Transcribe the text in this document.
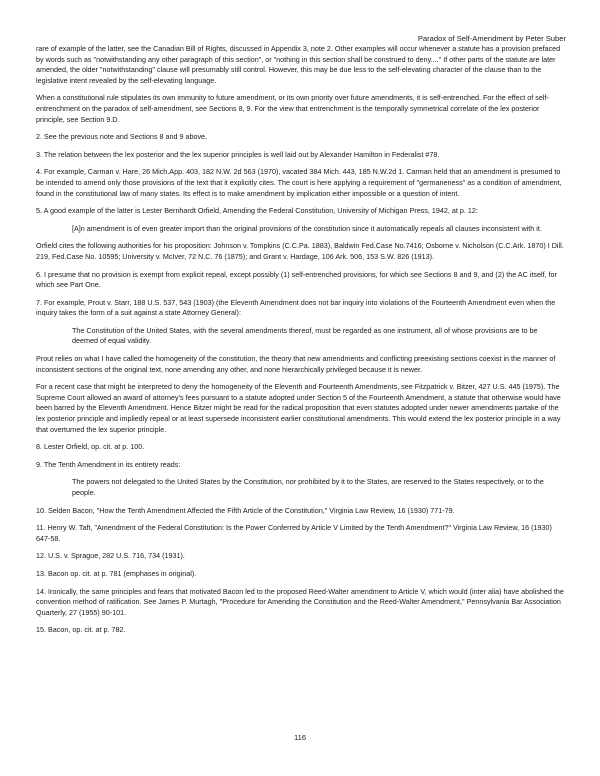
Paradox of Self-Amendment by Peter Suber

rare of example of the latter, see the Canadian Bill of Rights, discussed in Appendix 3, note 2. Other examples will occur whenever a statute has a provision prefaced by words such as "notwithstanding any other paragraph of this section", or "nothing in this section shall be construed to deny...." If other parts of the statute are later amended, the older "notwithstanding" clause will presumably still control. However, this may be due less to the self-elevating character of the clause than to the legislative intent revealed by the self-elevating language.

When a constitutional rule stipulates its own immunity to future amendment, or its own priority over future amendments, it is self-entrenched. For the effect of self-entrenchment on the paradox of self-amendment, see Sections 8, 9. For the view that entrenchment is the temporally symmetrical correlate of the lex posterior principle, see Section 9.D.

2. See the previous note and Sections 8 and 9 above.

3. The relation between the lex posterior and the lex superior principles is well laid out by Alexander Hamilton in Federalist #78.

4. For example, Carman v. Hare, 26 Mich.App. 403, 182 N.W. 2d 563 (1970), vacated 384 Mich. 443, 185 N.W.2d 1. Carman held that an amendment is presumed to be intended to amend only those provisions of the text that it explicitly cites. The court is here applying a requirement of "germaneness" as a condition of amendment, found in the constitutional law of many states. Its effect is to make amendment by implication either impossible or a question of intent.

5. A good example of the latter is Lester Bernhardt Orfield, Amending the Federal Constitution, University of Michigan Press, 1942, at p. 12:

[A]n amendment is of even greater import than the original provisions of the constitution since it automatically repeals all clauses inconsistent with it.

Orfield cites the following authorities for his proposition: Johnson v. Tompkins (C.C.Pa. 1883), Baldwin Fed.Case No.7416; Osborne v. Nicholson (C.C.Ark. 1870) I Dill. 219, Fed.Case No. 10595; University v. McIver, 72 N.C. 76 (1875); and Grant v. Hardage, 106 Ark. 506, 153 S.W. 826 (1913).

6. I presume that no provision is exempt from explicit repeal, except possibly (1) self-entrenched provisions, for which see Sections 8 and 9, and (2) the AC itself, for which see Part One.

7. For example, Prout v. Starr, 188 U.S. 537, 543 (1903) (the Eleventh Amendment does not bar inquiry into violations of the Fourteenth Amendment even when the inquiry takes the form of a suit against a state Attorney General):

The Constitution of the United States, with the several amendments thereof, must be regarded as one instrument, all of whose provisions are to be deemed of equal validity.

Prout relies on what I have called the homogeneity of the constitution, the theory that new amendments and conflicting preexisting sections coexist in the manner of inconsistent sections of the original text, none amending any other, and none hierarchically privileged because it is newer.

For a recent case that might be interpreted to deny the homogeneity of the Eleventh and Fourteenth Amendments, see Fitzpatrick v. Bitzer, 427 U.S. 445 (1975). The Supreme Court allowed an award of attorney's fees pursuant to a statute adopted under Section 5 of the Fourteenth Amendment, a statute that otherwise would have been barred by the Eleventh Amendment. Hence Bitzer might be read for the radical proposition that even statutes adopted under newer amendments partake of the lex posterior principle and impliedly repeal or at least supersede inconsistent earlier constitutional amendments. This would extend the lex posterior principle in a way that overturned the lex superior principle.

8. Lester Orfield, op. cit. at p. 100.

9. The Tenth Amendment in its entirety reads:

The powers not delegated to the United States by the Constitution, nor prohibited by it to the States, are reserved to the States respectively, or to the people.

10. Selden Bacon, "How the Tenth Amendment Affected the Fifth Article of the Constitution," Virginia Law Review, 16 (1930) 771-79.

11. Henry W. Taft, "Amendment of the Federal Constitution: Is the Power Conferred by Article V Limited by the Tenth Amendment?" Virginia Law Review, 16 (1930) 647-58.

12. U.S. v. Sprague, 282 U.S. 716, 734 (1931).

13. Bacon op. cit. at p. 781 (emphases in original).

14. Ironically, the same principles and fears that motivated Bacon led to the proposed Reed-Walter amendment to Article V, which would (inter alia) have abolished the convention method of ratification. See James P. Murtagh, "Procedure for Amending the Constitution and the Reed-Walter Amendment," Pennsylvania Bar Association Quarterly, 27 (1955) 90-101.

15. Bacon, op. cit. at p. 782.

116
